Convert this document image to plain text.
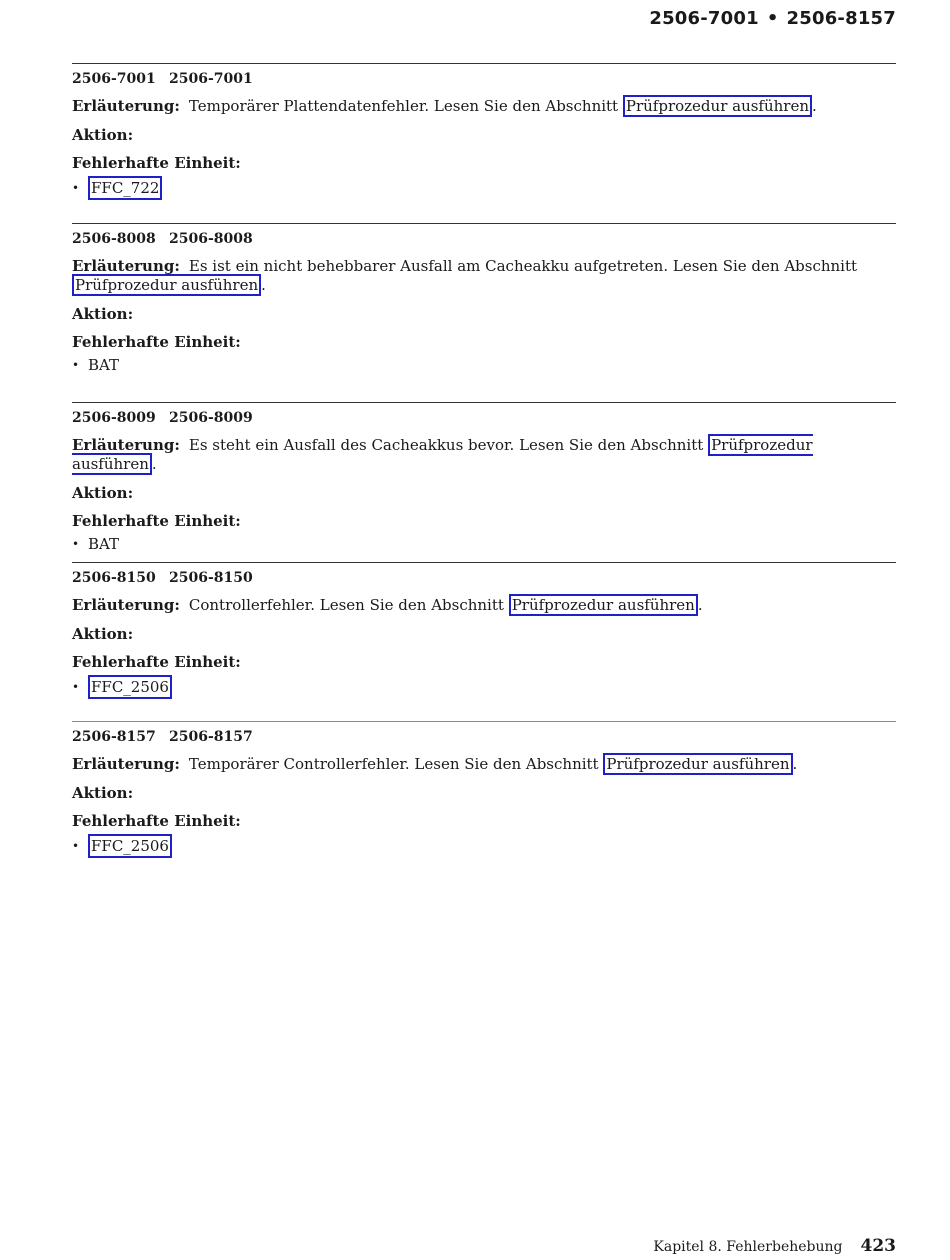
2506-7001 • 2506-8157
2506-7001 2506-7001
Erläuterung: Temporärer Plattendatenfehler. Lesen Sie den Abschnitt Prüfprozedur ausführen .
Aktion:
Fehlerhafte Einheit:
• FFC_722
2506-8008 2506-8008
Erläuterung: Es ist ein nicht behebbarer Ausfall am Cacheakku aufgetreten. Lesen Sie den Abschnitt Prüfprozedur ausführen .
Aktion:
Fehlerhafte Einheit:
• BAT
2506-8009 2506-8009
Erläuterung: Es steht ein Ausfall des Cacheakkus bevor. Lesen Sie den Abschnitt Prüfprozedur ausführen .
Aktion:
Fehlerhafte Einheit:
• BAT
2506-8150 2506-8150
Erläuterung: Controllerfehler. Lesen Sie den Abschnitt Prüfprozedur ausführen .
Aktion:
Fehlerhafte Einheit:
• FFC_2506
2506-8157 2506-8157
Erläuterung: Temporärer Controllerfehler. Lesen Sie den Abschnitt Prüfprozedur ausführen .
Aktion:
Fehlerhafte Einheit:
• FFC_2506
Kapitel 8. Fehlerbehebung 423
